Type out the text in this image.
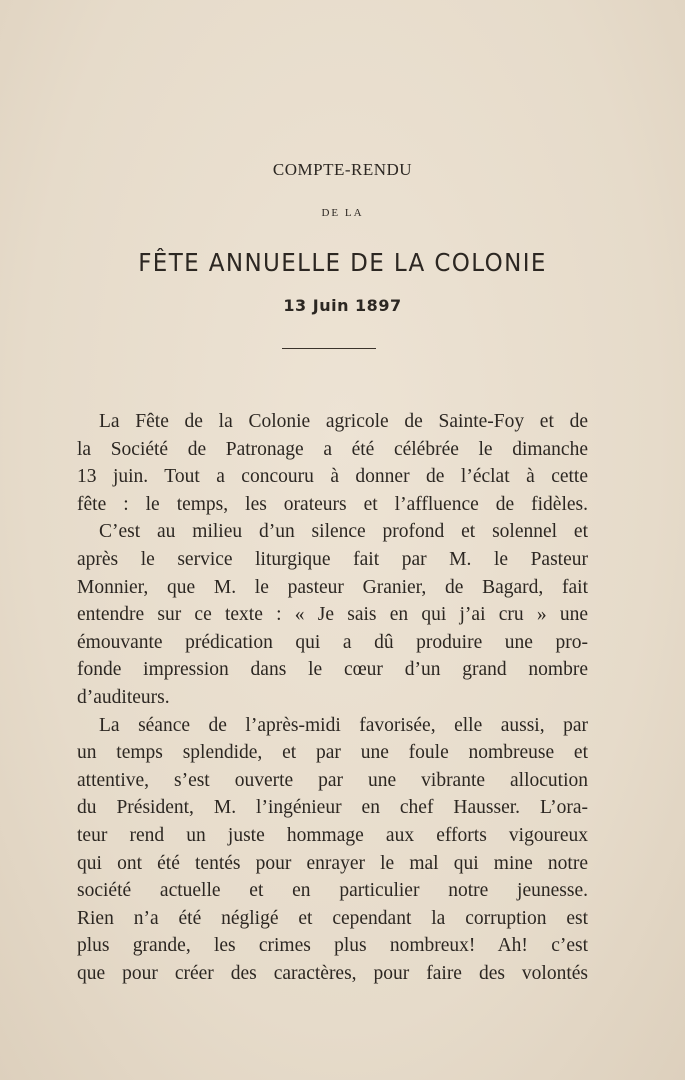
COMPTE-RENDU
DE LA
FÊTE ANNUELLE DE LA COLONIE
13 Juin 1897
La Fête de la Colonie agricole de Sainte-Foy et de
la Société de Patronage a été célébrée le dimanche
13 juin. Tout a concouru à donner de l’éclat à cette
fête : le temps, les orateurs et l’affluence de fidèles.
C’est au milieu d’un silence profond et solennel et
après le service liturgique fait par M. le Pasteur
Monnier, que M. le pasteur Granier, de Bagard, fait
entendre sur ce texte : « Je sais en qui j’ai cru » une
émouvante prédication qui a dû produire une pro-
fonde impression dans le cœur d’un grand nombre
d’auditeurs.
La séance de l’après-midi favorisée, elle aussi, par
un temps splendide, et par une foule nombreuse et
attentive, s’est ouverte par une vibrante allocution
du Président, M. l’ingénieur en chef Hausser. L’ora-
teur rend un juste hommage aux efforts vigoureux
qui ont été tentés pour enrayer le mal qui mine notre
société actuelle et en particulier notre jeunesse.
Rien n’a été négligé et cependant la corruption est
plus grande, les crimes plus nombreux! Ah! c’est
que pour créer des caractères, pour faire des volontés
